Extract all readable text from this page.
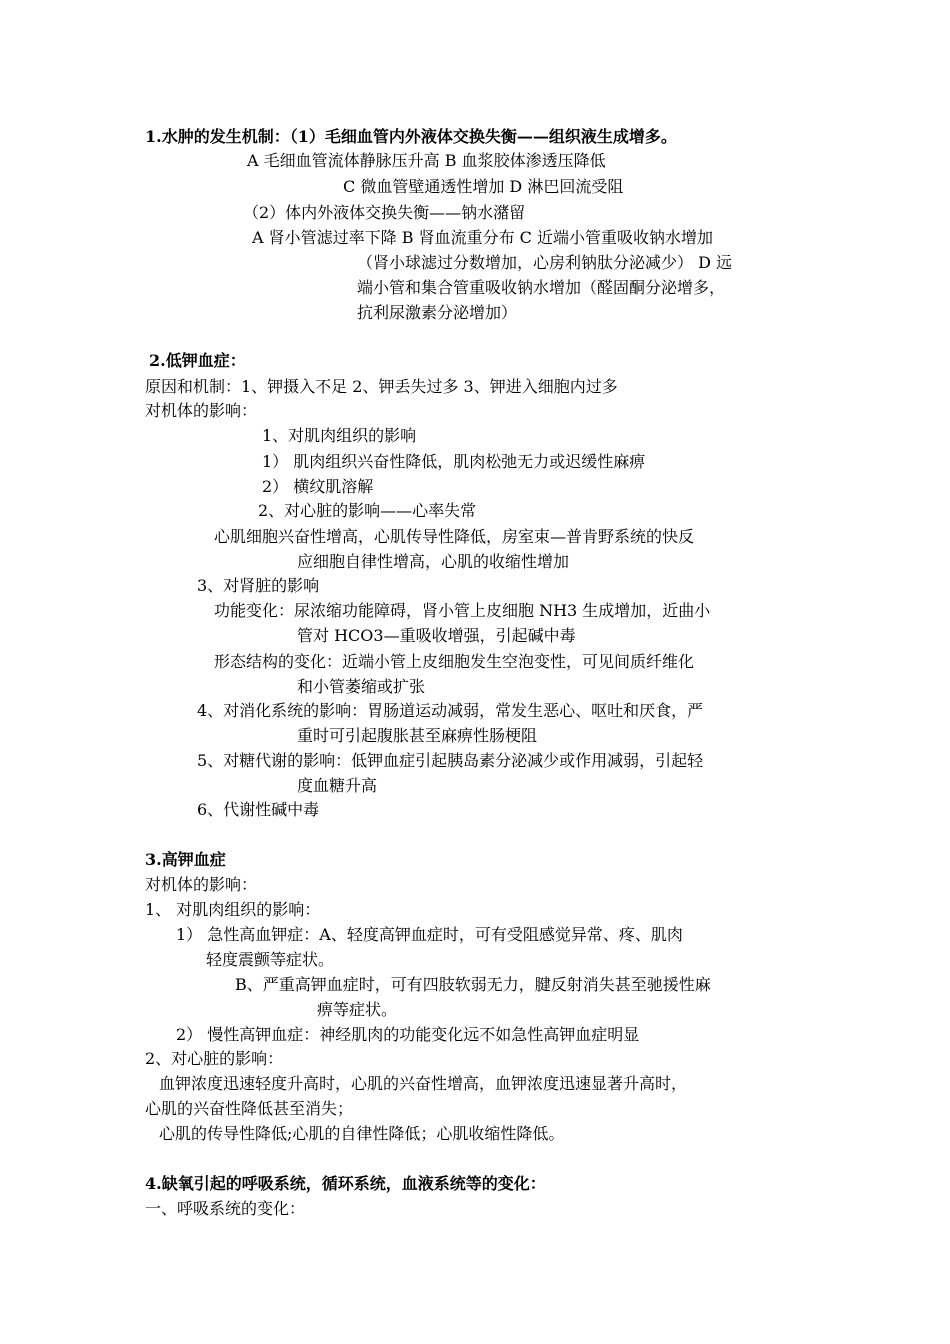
1.水肿的发生机制：（1）毛细血管内外液体交换失衡——组织液生成增多。
A 毛细血管流体静脉压升高 B 血浆胶体渗透压降低
C 微血管壁通透性增加 D 淋巴回流受阻
（2）体内外液体交换失衡——钠水潴留
A 肾小管滤过率下降 B 肾血流重分布 C 近端小管重吸收钠水增加
（肾小球滤过分数增加，心房利钠肽分泌减少） D 远
端小管和集合管重吸收钠水增加（醛固酮分泌增多，
抗利尿激素分泌增加）
2.低钾血症：
原因和机制：1、钾摄入不足 2、钾丢失过多 3、钾进入细胞内过多
对机体的影响：
1、对肌肉组织的影响
1） 肌肉组织兴奋性降低，肌肉松弛无力或迟缓性麻痹
2） 横纹肌溶解
2、对心脏的影响——心率失常
心肌细胞兴奋性增高，心肌传导性降低，房室束—普肯野系统的快反
应细胞自律性增高，心肌的收缩性增加
3、对肾脏的影响
功能变化：尿浓缩功能障碍，肾小管上皮细胞 NH3 生成增加，近曲小
管对 HCO3—重吸收增强，引起碱中毒
形态结构的变化：近端小管上皮细胞发生空泡变性，可见间质纤维化
和小管萎缩或扩张
4、对消化系统的影响：胃肠道运动减弱，常发生恶心、呕吐和厌食，严
重时可引起腹胀甚至麻痹性肠梗阻
5、对糖代谢的影响：低钾血症引起胰岛素分泌减少或作用减弱，引起轻
度血糖升高
6、代谢性碱中毒
3.高钾血症
对机体的影响：
1、 对肌肉组织的影响：
1） 急性高血钾症：A、轻度高钾血症时，可有受阻感觉异常、疼、肌肉
轻度震颤等症状。
B、严重高钾血症时，可有四肢软弱无力，腱反射消失甚至驰援性麻
痹等症状。
2） 慢性高钾血症：神经肌肉的功能变化远不如急性高钾血症明显
2、对心脏的影响：
血钾浓度迅速轻度升高时，心肌的兴奋性增高，血钾浓度迅速显著升高时，
心肌的兴奋性降低甚至消失；
心肌的传导性降低;心肌的自律性降低；心肌收缩性降低。
4.缺氧引起的呼吸系统，循环系统，血液系统等的变化：
一、呼吸系统的变化：
